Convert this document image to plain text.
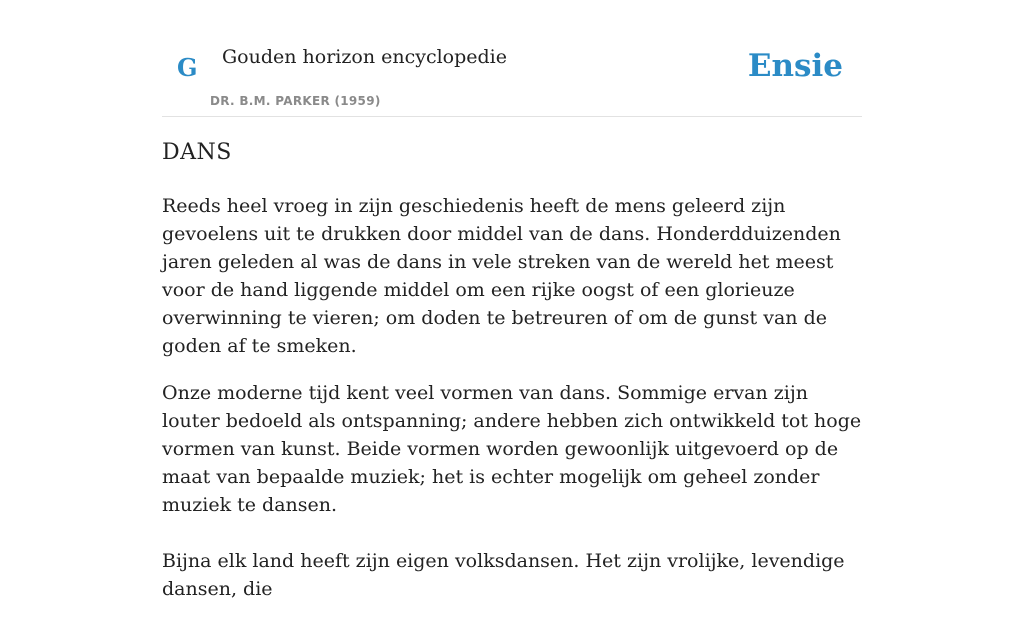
G Gouden horizon encyclopedie
DR. B.M. PARKER (1959)
Ensie
DANS

Reeds heel vroeg in zijn geschiedenis heeft de mens geleerd zijn gevoelens uit te drukken door middel van de dans. Honderdduizenden jaren geleden al was de dans in vele streken van de wereld het meest voor de hand liggende middel om een rijke oogst of een glorieuze overwinning te vieren; om doden te betreuren of om de gunst van de goden af te smeken.

Onze moderne tijd kent veel vormen van dans. Sommige ervan zijn louter bedoeld als ontspanning; andere hebben zich ontwikkeld tot hoge vormen van kunst. Beide vormen worden gewoonlijk uitgevoerd op de maat van bepaalde muziek; het is echter mogelijk om geheel zonder muziek te dansen.

Bijna elk land heeft zijn eigen volksdansen. Het zijn vrolijke, levendige dansen, die
